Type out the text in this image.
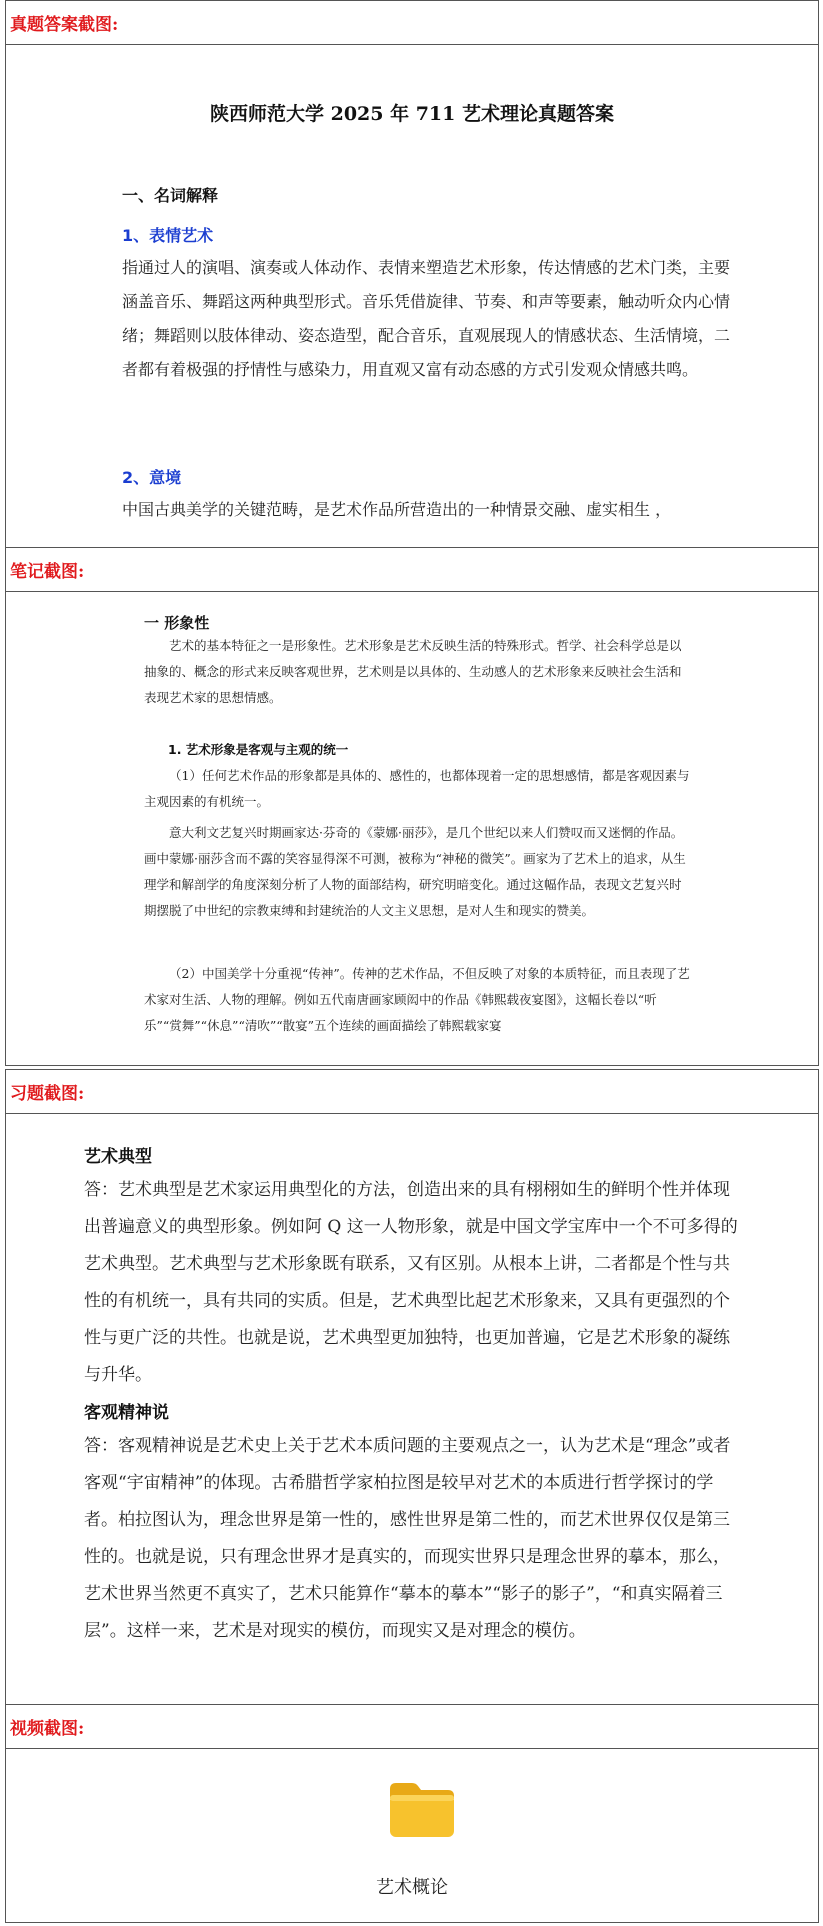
真题答案截图:
陕西师范大学 2025 年 711 艺术理论真题答案
一、名词解释
1、表情艺术
指通过人的演唱、演奏或人体动作、表情来塑造艺术形象，传达情感的艺术门类，主要涵盖音乐、舞蹈这两种典型形式。音乐凭借旋律、节奏、和声等要素，触动听众内心情绪；舞蹈则以肢体律动、姿态造型，配合音乐，直观展现人的情感状态、生活情境，二者都有着极强的抒情性与感染力，用直观又富有动态感的方式引发观众情感共鸣。
2、意境
中国古典美学的关键范畴，是艺术作品所营造出的一种情景交融、虚实相生 ，
笔记截图:
一 形象性
艺术的基本特征之一是形象性。艺术形象是艺术反映生活的特殊形式。哲学、社会科学总是以抽象的、概念的形式来反映客观世界，艺术则是以具体的、生动感人的艺术形象来反映社会生活和表现艺术家的思想情感。
1. 艺术形象是客观与主观的统一
（1）任何艺术作品的形象都是具体的、感性的，也都体现着一定的思想感情，都是客观因素与主观因素的有机统一。
意大利文艺复兴时期画家达·芬奇的《蒙娜·丽莎》，是几个世纪以来人们赞叹而又迷惘的作品。画中蒙娜·丽莎含而不露的笑容显得深不可测，被称为“神秘的微笑”。画家为了艺术上的追求，从生理学和解剖学的角度深刻分析了人物的面部结构，研究明暗变化。通过这幅作品，表现文艺复兴时期摆脱了中世纪的宗教束缚和封建统治的人文主义思想，是对人生和现实的赞美。
（2）中国美学十分重视“传神”。传神的艺术作品，不但反映了对象的本质特征，而且表现了艺术家对生活、人物的理解。例如五代南唐画家顾闳中的作品《韩熙载夜宴图》，这幅长卷以“听乐”“赏舞”“休息”“清吹”“散宴”五个连续的画面描绘了韩熙载家宴
习题截图:
艺术典型
答：艺术典型是艺术家运用典型化的方法，创造出来的具有栩栩如生的鲜明个性并体现出普遍意义的典型形象。例如阿 Q 这一人物形象，就是中国文学宝库中一个不可多得的艺术典型。艺术典型与艺术形象既有联系，又有区别。从根本上讲，二者都是个性与共性的有机统一，具有共同的实质。但是，艺术典型比起艺术形象来，又具有更强烈的个性与更广泛的共性。也就是说，艺术典型更加独特，也更加普遍，它是艺术形象的凝练与升华。
客观精神说
答：客观精神说是艺术史上关于艺术本质问题的主要观点之一，认为艺术是“理念”或者客观“宇宙精神”的体现。古希腊哲学家柏拉图是较早对艺术的本质进行哲学探讨的学者。柏拉图认为，理念世界是第一性的，感性世界是第二性的，而艺术世界仅仅是第三性的。也就是说，只有理念世界才是真实的，而现实世界只是理念世界的摹本，那么，艺术世界当然更不真实了，艺术只能算作“摹本的摹本”“影子的影子”，“和真实隔着三层”。这样一来，艺术是对现实的模仿，而现实又是对理念的模仿。
视频截图:
艺术概论
